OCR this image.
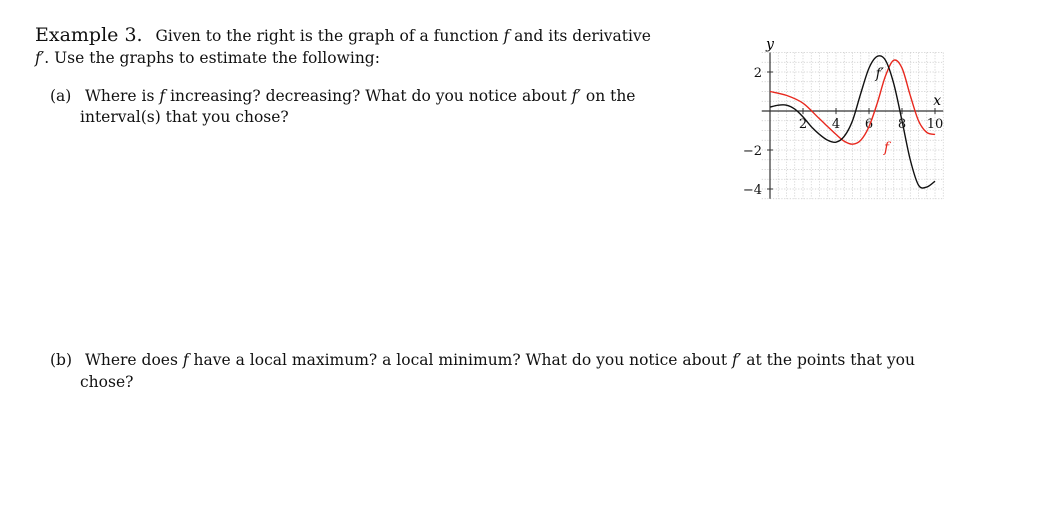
Example 3. Given to the right is the graph of a function f and its derivative
f′. Use the graphs to estimate the following:
(a) Where is f increasing? decreasing? What do you notice about f′ on the
interval(s) that you chose?
(b) Where does f have a local maximum? a local minimum? What do you notice about f′ at the points that you
chose?
2 4 6 8 10
2
−2
−4
y
x
f
f′
